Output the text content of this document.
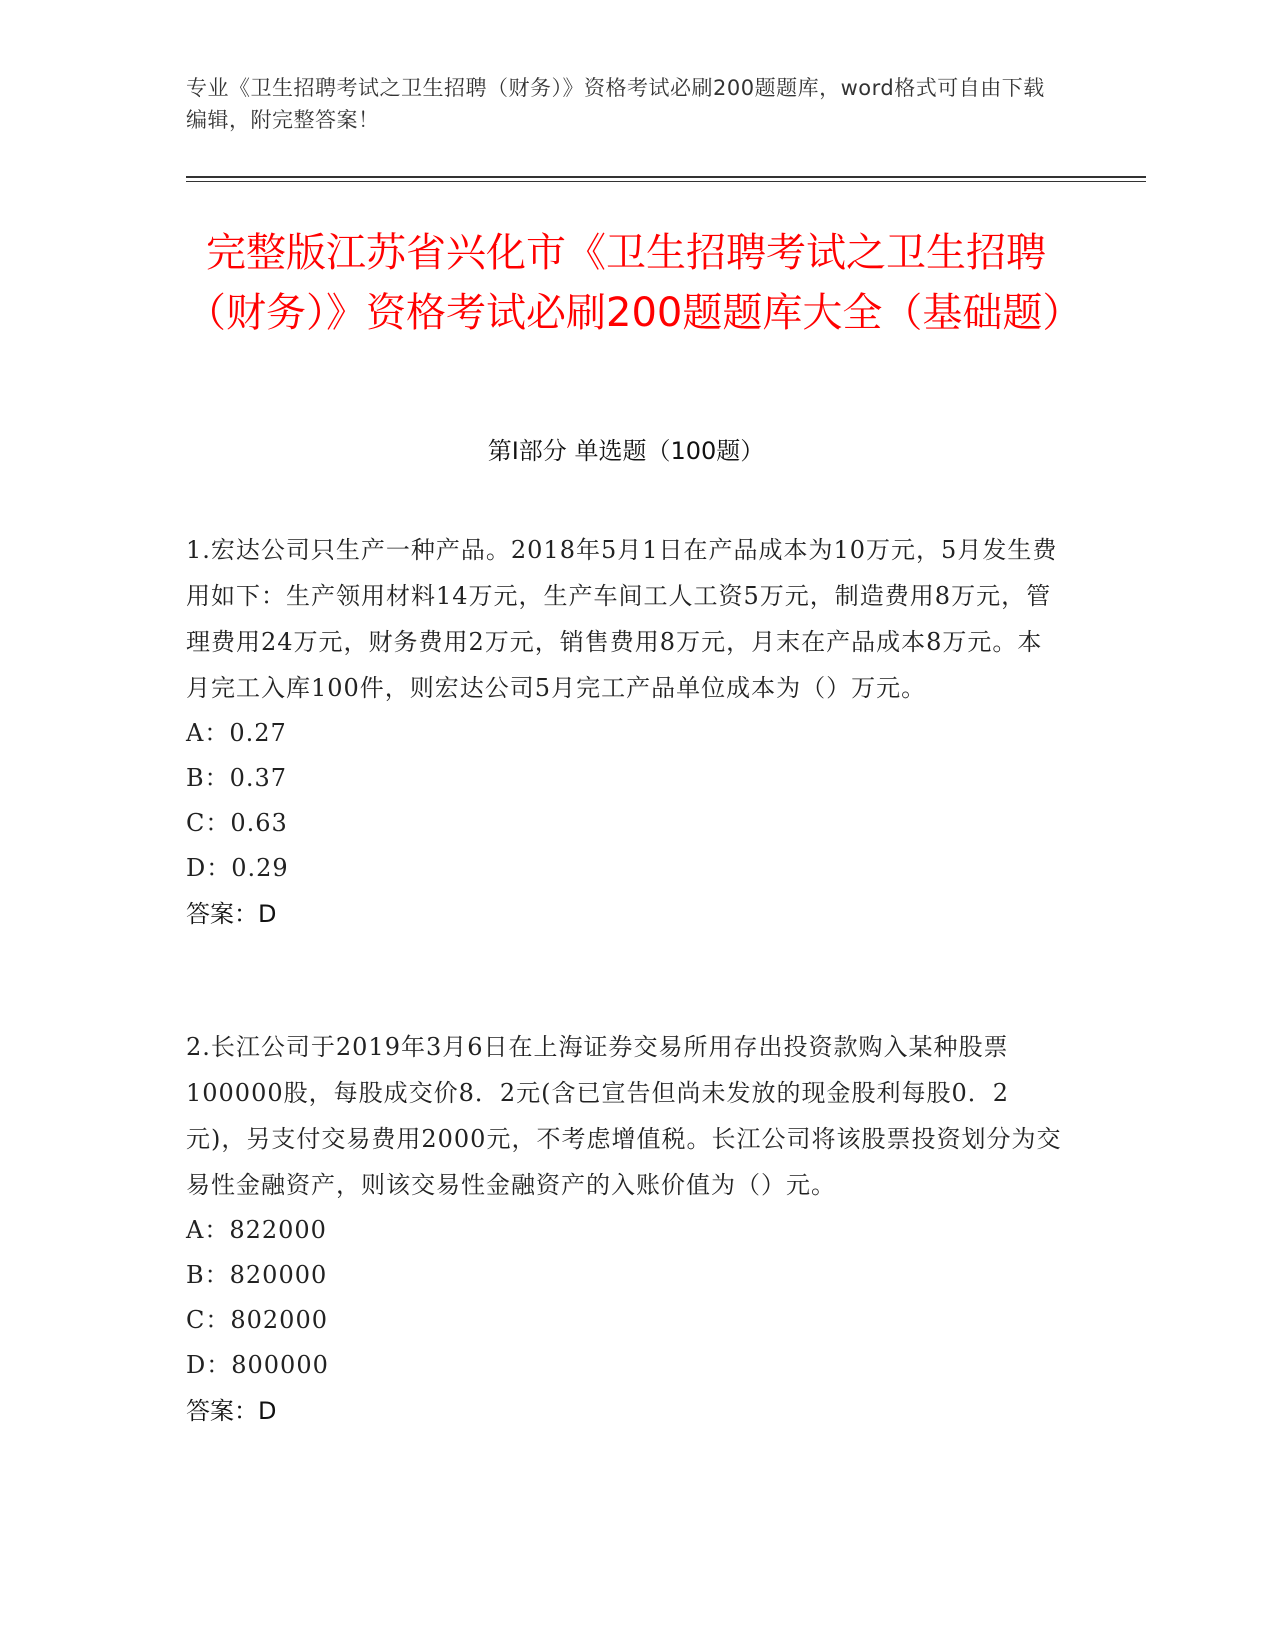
专业《卫生招聘考试之卫生招聘（财务）》资格考试必刷200题题库，word格式可自由下载编辑，附完整答案！
完整版江苏省兴化市《卫生招聘考试之卫生招聘（财务）》资格考试必刷200题题库大全（基础题）
第I部分 单选题（100题）

1.宏达公司只生产一种产品。2018年5月1日在产品成本为10万元，5月发生费用如下：生产领用材料14万元，生产车间工人工资5万元，制造费用8万元，管理费用24万元，财务费用2万元，销售费用8万元，月末在产品成本8万元。本月完工入库100件，则宏达公司5月完工产品单位成本为（）万元。

A：0.27
B：0.37
C：0.63
D：0.29
答案：D

2.长江公司于2019年3月6日在上海证券交易所用存出投资款购入某种股票100000股，每股成交价8．2元(含已宣告但尚未发放的现金股利每股0．2元)，另支付交易费用2000元，不考虑增值税。长江公司将该股票投资划分为交易性金融资产，则该交易性金融资产的入账价值为（）元。

A：822000
B：820000
C：802000
D：800000
答案：D
